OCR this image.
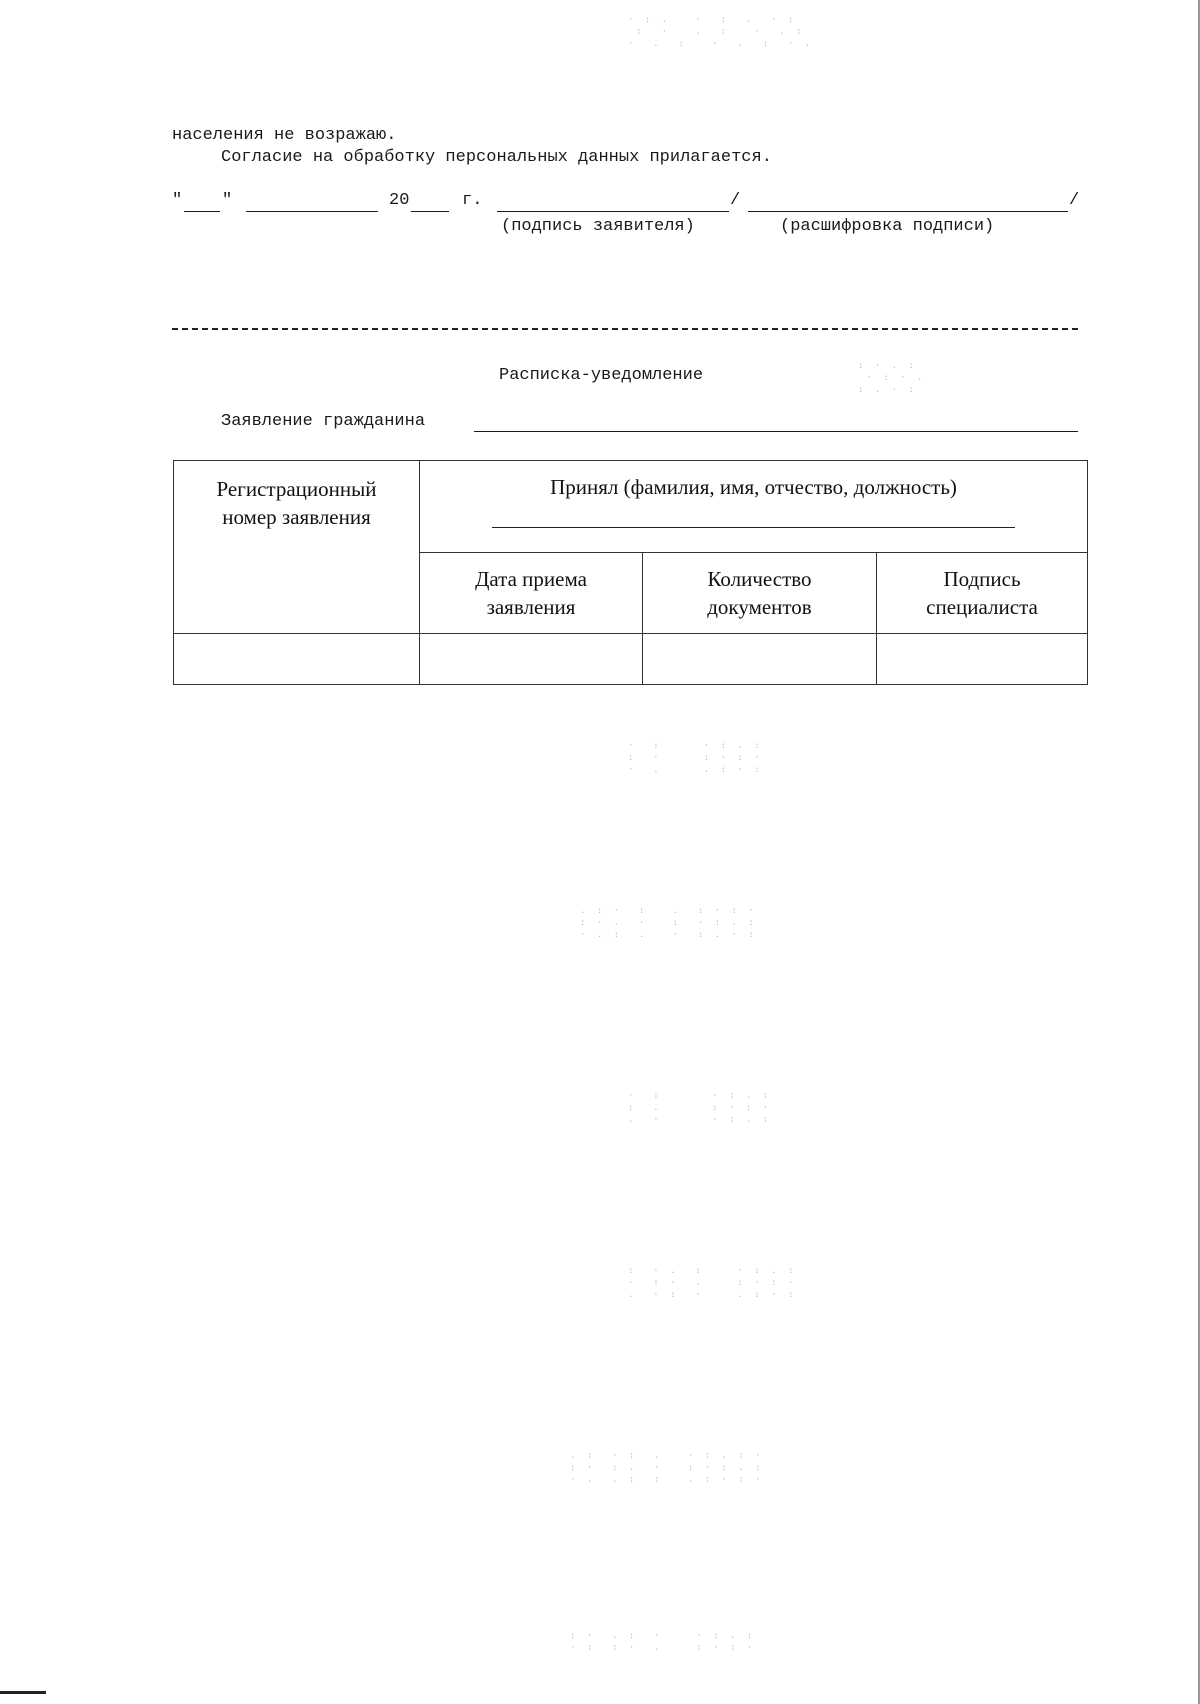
населения не возражаю.
Согласие на обработку персональных данных прилагается.
" "	20	г.	/	/
(подпись заявителя)	(расшифровка подписи)
Расписка-уведомление
Заявление гражданина
Регистрационный номер заявления	Принял (фамилия, имя, отчество, должность)		

	Дата приема заявления	Количество документов	Подпись специалиста

· : .   ·  :  .  · :
:  ·   .  :   ·  . :
·  .  :   ·  .  :  · .
: · . :
· : · .
: . · :
·  :     · : . :
:  ·     : · : ·
·  .     . : · :
. : ·  :   .  : · : ·
: · .  ·   :  · : . :
· . :  .   ·  : . · :
·  :      · : . :
:  .      : · : ·
.  ·      · : . :
:  · .  :    · : . :
·  : ·  .    : · : ·
.  · :  ·    . : · :
. :  · :  .   · : . : ·
: ·  : .  ·   : · : . :
· .  . :  :   . : · : ·
: ·  . :  ·    · : . :
· :  : ·  .    : · : ·
